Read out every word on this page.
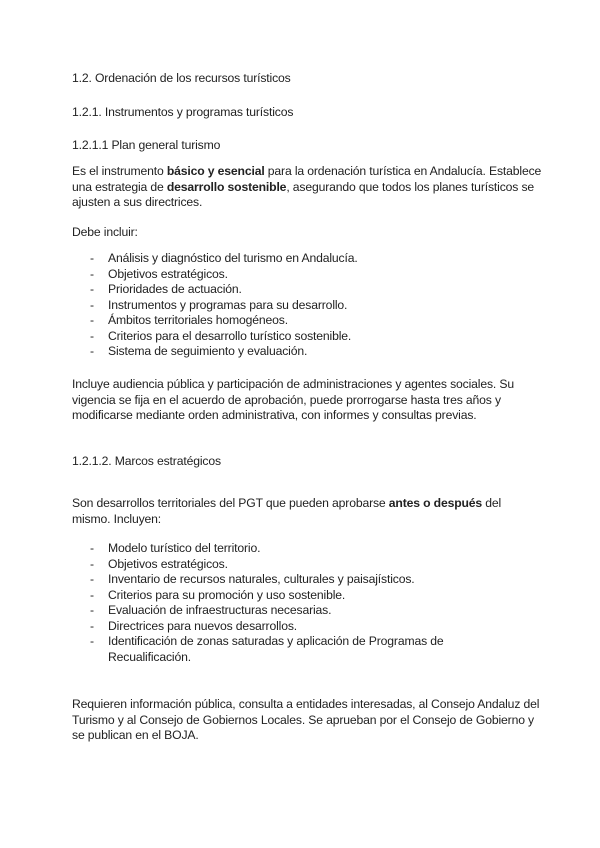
1.2. Ordenación de los recursos turísticos
1.2.1. Instrumentos y programas turísticos
1.2.1.1 Plan general turismo

Es el instrumento básico y esencial para la ordenación turística en Andalucía. Establece una estrategia de desarrollo sostenible, asegurando que todos los planes turísticos se ajusten a sus directrices.

Debe incluir:

- Análisis y diagnóstico del turismo en Andalucía.
- Objetivos estratégicos.
- Prioridades de actuación.
- Instrumentos y programas para su desarrollo.
- Ámbitos territoriales homogéneos.
- Criterios para el desarrollo turístico sostenible.
- Sistema de seguimiento y evaluación.

Incluye audiencia pública y participación de administraciones y agentes sociales. Su vigencia se fija en el acuerdo de aprobación, puede prorrogarse hasta tres años y modificarse mediante orden administrativa, con informes y consultas previas.

1.2.1.2. Marcos estratégicos

Son desarrollos territoriales del PGT que pueden aprobarse antes o después del mismo. Incluyen:

- Modelo turístico del territorio.
- Objetivos estratégicos.
- Inventario de recursos naturales, culturales y paisajísticos.
- Criterios para su promoción y uso sostenible.
- Evaluación de infraestructuras necesarias.
- Directrices para nuevos desarrollos.
- Identificación de zonas saturadas y aplicación de Programas de Recualificación.

Requieren información pública, consulta a entidades interesadas, al Consejo Andaluz del Turismo y al Consejo de Gobiernos Locales. Se aprueban por el Consejo de Gobierno y se publican en el BOJA.
